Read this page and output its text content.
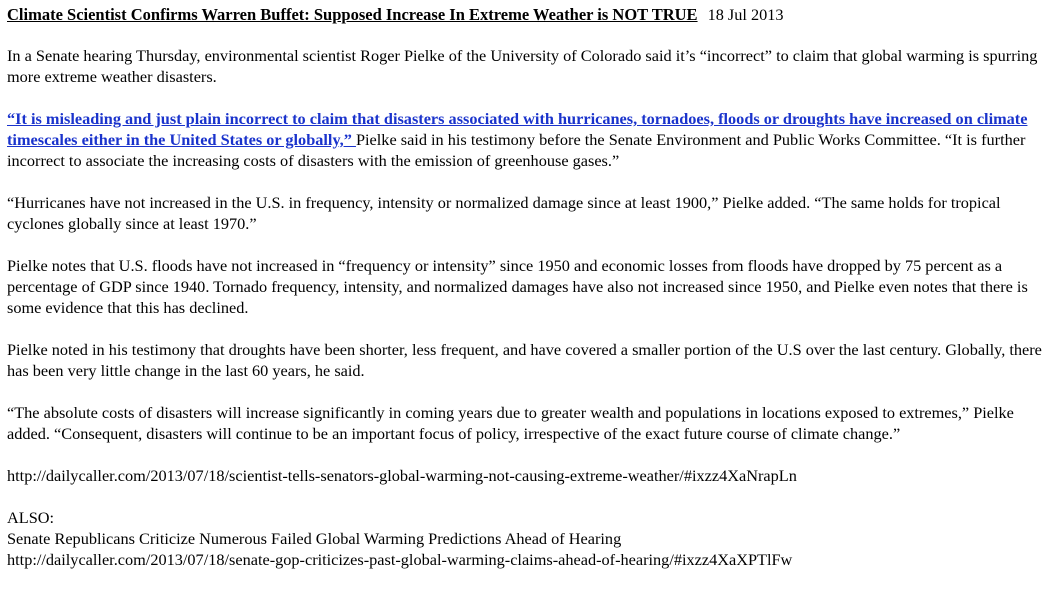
Climate Scientist Confirms Warren Buffet: Supposed Increase In Extreme Weather is NOT TRUE 18 Jul 2013

In a Senate hearing Thursday, environmental scientist Roger Pielke of the University of Colorado said it’s “incorrect” to claim that global warming is spurring more extreme weather disasters.

“It is misleading and just plain incorrect to claim that disasters associated with hurricanes, tornadoes, floods or droughts have increased on climate timescales either in the United States or globally,” Pielke said in his testimony before the Senate Environment and Public Works Committee. “It is further incorrect to associate the increasing costs of disasters with the emission of greenhouse gases.”

“Hurricanes have not increased in the U.S. in frequency, intensity or normalized damage since at least 1900,” Pielke added. “The same holds for tropical cyclones globally since at least 1970.”

Pielke notes that U.S. floods have not increased in “frequency or intensity” since 1950 and economic losses from floods have dropped by 75 percent as a percentage of GDP since 1940. Tornado frequency, intensity, and normalized damages have also not increased since 1950, and Pielke even notes that there is some evidence that this has declined.

Pielke noted in his testimony that droughts have been shorter, less frequent, and have covered a smaller portion of the U.S over the last century. Globally, there has been very little change in the last 60 years, he said.

“The absolute costs of disasters will increase significantly in coming years due to greater wealth and populations in locations exposed to extremes,” Pielke added. “Consequent, disasters will continue to be an important focus of policy, irrespective of the exact future course of climate change.”

http://dailycaller.com/2013/07/18/scientist-tells-senators-global-warming-not-causing-extreme-weather/#ixzz4XaNrapLn
ALSO:
Senate Republicans Criticize Numerous Failed Global Warming Predictions Ahead of Hearing
http://dailycaller.com/2013/07/18/senate-gop-criticizes-past-global-warming-claims-ahead-of-hearing/#ixzz4XaXPTlFw
